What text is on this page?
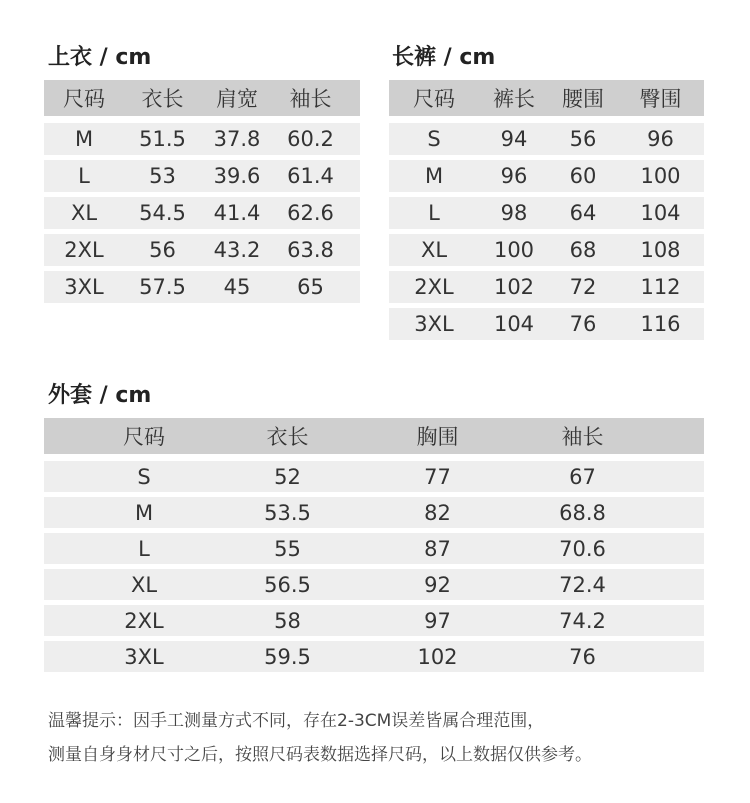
上衣 / cm
尺码	衣长	肩宽	袖长
M	51.5	37.8	60.2
L	53	39.6	61.4
XL	54.5	41.4	62.6
2XL	56	43.2	63.8
3XL	57.5	45	65
长裤 / cm
尺码	裤长	腰围	臀围
S	94	56	96
M	96	60	100
L	98	64	104
XL	100	68	108
2XL	102	72	112
3XL	104	76	116
外套 / cm
尺码	衣长	胸围	袖长
S	52	77	67
M	53.5	82	68.8
L	55	87	70.6
XL	56.5	92	72.4
2XL	58	97	74.2
3XL	59.5	102	76
温馨提示：因手工测量方式不同，存在2-3CM误差皆属合理范围，
测量自身身材尺寸之后，按照尺码表数据选择尺码，以上数据仅供参考。
